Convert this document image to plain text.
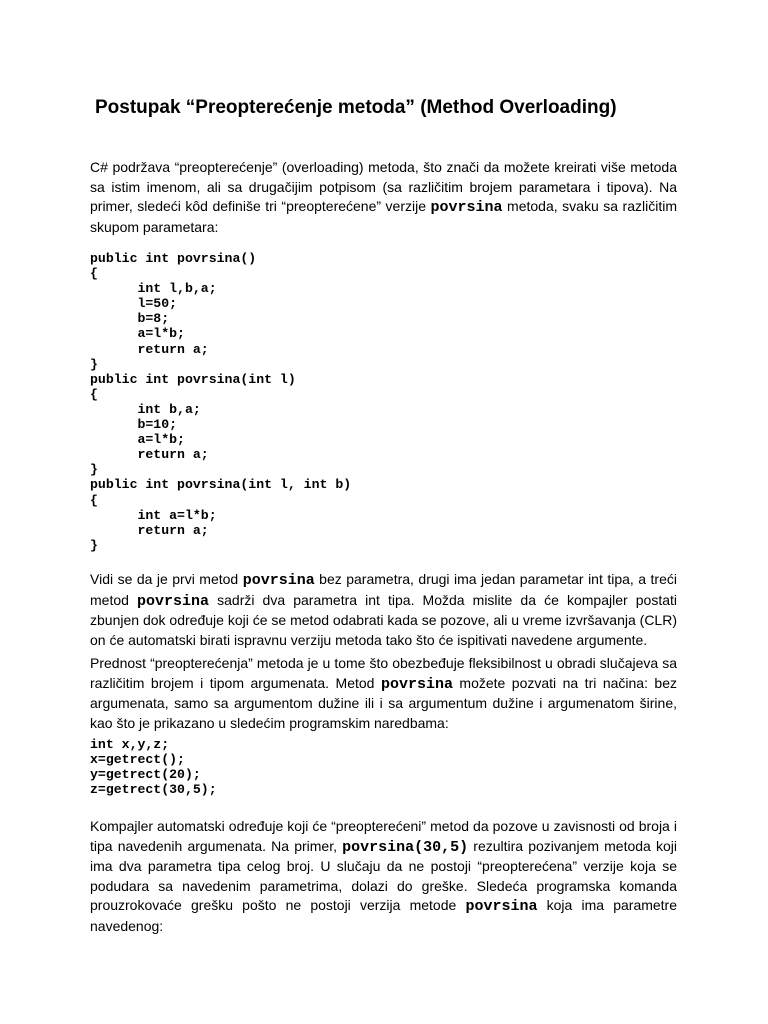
Postupak “Preopterećenje metoda” (Method Overloading)

C# podržava “preopterećenje” (overloading) metoda, što znači da možete kreirati više metoda sa istim imenom, ali sa drugačijim potpisom (sa različitim brojem parametara i tipova). Na primer, sledeći kôd definiše tri “preopterećene” verzije povrsina metoda, svaku sa različitim skupom parametara:

public int povrsina()
{
int l,b,a;
l=50;
b=8;
a=l*b;
return a;
}
public int povrsina(int l)
{
int b,a;
b=10;
a=l*b;
return a;
}
public int povrsina(int l, int b)
{
int a=l*b;
return a;
}

Vidi se da je prvi metod povrsina bez parametra, drugi ima jedan parametar int tipa, a treći metod povrsina sadrži dva parametra int tipa. Možda mislite da će kompajler postati zbunjen dok određuje koji će se metod odabrati kada se pozove, ali u vreme izvršavanja (CLR) on će automatski birati ispravnu verziju metoda tako što će ispitivati navedene argumente.

Prednost “preopterećenja” metoda je u tome što obezbeđuje fleksibilnost u obradi slučajeva sa različitim brojem i tipom argumenata. Metod povrsina možete pozvati na tri načina: bez argumenata, samo sa argumentom dužine ili i sa argumentum dužine i argumenatom širine, kao što je prikazano u sledećim programskim naredbama:

int x,y,z;
x=getrect();
y=getrect(20);
z=getrect(30,5);

Kompajler automatski određuje koji će “preopterećeni” metod da pozove u zavisnosti od broja i tipa navedenih argumenata. Na primer, povrsina(30,5) rezultira pozivanjem metoda koji ima dva parametra tipa celog broj. U slučaju da ne postoji “preopterećena” verzije koja se podudara sa navedenim parametrima, dolazi do greške. Sledeća programska komanda prouzrokovaće grešku pošto ne postoji verzija metode povrsina koja ima parametre navedenog:
